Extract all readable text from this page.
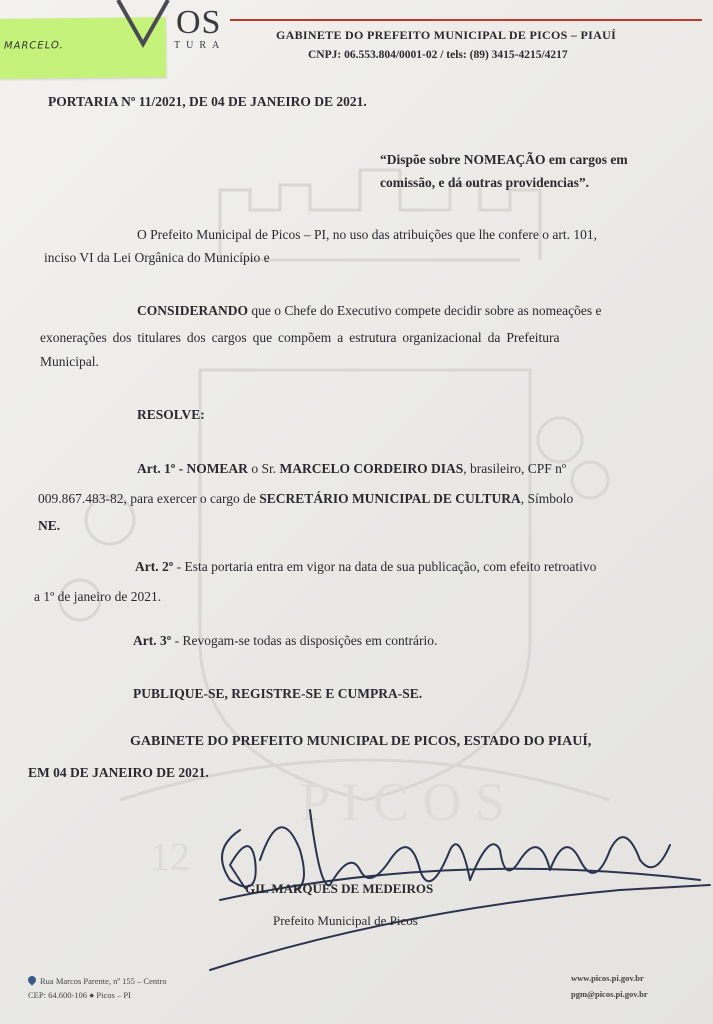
P I C O S
12
MARCELO.
OS
TURA
GABINETE DO PREFEITO MUNICIPAL DE PICOS – PIAUÍ
CNPJ: 06.553.804/0001-02 / tels: (89) 3415-4215/4217
PORTARIA Nº 11/2021, DE 04 DE JANEIRO DE 2021.
“Dispõe sobre NOMEAÇÃO em cargos em
comissão, e dá outras providencias”.
O Prefeito Municipal de Picos – PI, no uso das atribuições que lhe confere o art. 101,
inciso VI da Lei Orgânica do Município e
CONSIDERANDO que o Chefe do Executivo compete decidir sobre as nomeações e
exonerações dos titulares dos cargos que compõem a estrutura organizacional da Prefeitura
Municipal.
RESOLVE:
Art. 1º - NOMEAR o Sr. MARCELO CORDEIRO DIAS, brasileiro, CPF nº
009.867.483-82, para exercer o cargo de SECRETÁRIO MUNICIPAL DE CULTURA, Símbolo
NE.
Art. 2º - Esta portaria entra em vigor na data de sua publicação, com efeito retroativo
a 1º de janeiro de 2021.
Art. 3º - Revogam-se todas as disposições em contrário.
PUBLIQUE-SE, REGISTRE-SE E CUMPRA-SE.
GABINETE DO PREFEITO MUNICIPAL DE PICOS, ESTADO DO PIAUÍ,
EM 04 DE JANEIRO DE 2021.
GIL MARQUES DE MEDEIROS
Prefeito Municipal de Picos
Rua Marcos Parente, nº 155 – Centro
CEP: 64.600-106 ● Picos – PI
www.picos.pi.gov.br
pgm@picos.pi.gov.br
